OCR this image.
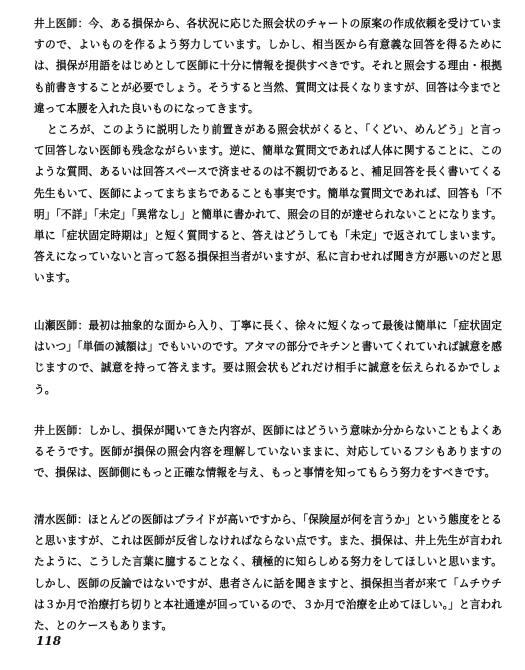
井上医師：今、ある損保から、各状況に応じた照会状のチャートの原案の作成依頼を受けていますので、よいものを作るよう努力しています。しかし、相当医から有意義な回答を得るためには、損保が用語をはじめとして医師に十分に情報を提供すべきです。それと照会する理由・根拠も前書きすることが必要でしょう。そうすると当然、質問文は長くなりますが、回答は今までと違って本腰を入れた良いものになってきます。
ところが、このように説明したり前置きがある照会状がくると、「くどい、めんどう」と言って回答しない医師も残念ながらいます。逆に、簡単な質問文であれば人体に関することに、このような質問、あるいは回答スペースで済ませるのは不親切であると、補足回答を長く書いてくる先生もいて、医師によってまちまちであることも事実です。簡単な質問文であれば、回答も「不明」「不詳」「未定」「異常なし」と簡単に書かれて、照会の目的が達せられないことになります。単に「症状固定時期は」と短く質問すると、答えはどうしても「未定」で返されてしまいます。答えになっていないと言って怒る損保担当者がいますが、私に言わせれば聞き方が悪いのだと思います。
山瀬医師：最初は抽象的な面から入り、丁寧に長く、徐々に短くなって最後は簡単に「症状固定はいつ」「単価の減額は」でもいいのです。アタマの部分でキチンと書いてくれていれば誠意を感じますので、誠意を持って答えます。要は照会状もどれだけ相手に誠意を伝えられるかでしょう。
井上医師：しかし、損保が聞いてきた内容が、医師にはどういう意味か分からないこともよくあるそうです。医師が損保の照会内容を理解していないままに、対応しているフシもありますので、損保は、医師側にもっと正確な情報を与え、もっと事情を知ってもらう努力をすべきです。
清水医師：ほとんどの医師はプライドが高いですから、「保険屋が何を言うか」という態度をとると思いますが、これは医師が反省しなければならない点です。また、損保は、井上先生が言われたように、こうした言葉に臆することなく、積極的に知らしめる努力をしてほしいと思います。しかし、医師の反論ではないですが、患者さんに話を聞きますと、損保担当者が来て「ムチウチは３か月で治療打ち切りと本社通達が回っているので、３か月で治療を止めてほしい。」と言われた、とのケースもあります。
118
